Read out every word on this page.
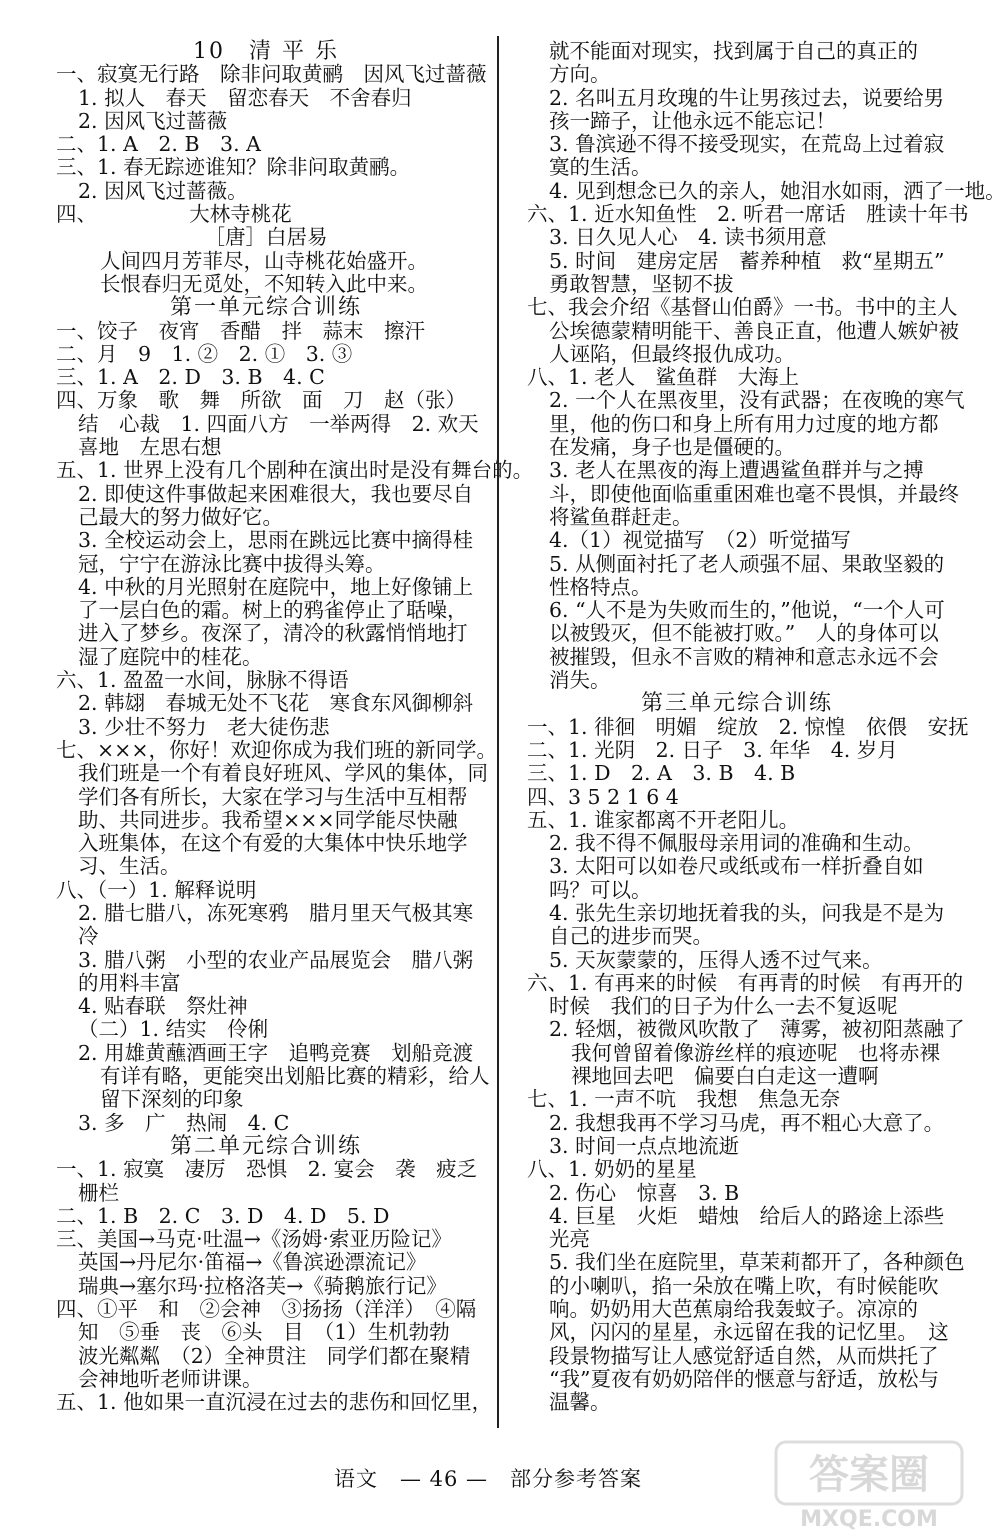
10　清 平 乐
一、寂寞无行路　除非问取黄鹂　因风飞过蔷薇
1. 拟人　春天　留恋春天　不舍春归
2. 因风飞过蔷薇
二、1. A　2. B　3. A
三、1. 春无踪迹谁知？除非问取黄鹂。
2. 因风飞过蔷薇。
四、　　　　　大林寺桃花
［唐］白居易
人间四月芳菲尽，山寺桃花始盛开。
长恨春归无觅处，不知转入此中来。
第一单元综合训练
一、饺子　夜宵　香醋　拌　蒜末　擦汗
二、月　9　1. ②　2. ①　3. ③
三、1. A　2. D　3. B　4. C
四、万象　歌　舞　所欲　面　刀　赵（张）
结　心裁　1. 四面八方　一举两得　2. 欢天
喜地　左思右想
五、1. 世界上没有几个剧种在演出时是没有舞台的。
2. 即使这件事做起来困难很大，我也要尽自
己最大的努力做好它。
3. 全校运动会上，思雨在跳远比赛中摘得桂
冠，宁宁在游泳比赛中拔得头筹。
4. 中秋的月光照射在庭院中，地上好像铺上
了一层白色的霜。树上的鸦雀停止了聒噪，
进入了梦乡。夜深了，清冷的秋露悄悄地打
湿了庭院中的桂花。
六、1. 盈盈一水间，脉脉不得语
2. 韩翃　春城无处不飞花　寒食东风御柳斜
3. 少壮不努力　老大徒伤悲
七、×××，你好！欢迎你成为我们班的新同学。
我们班是一个有着良好班风、学风的集体，同
学们各有所长，大家在学习与生活中互相帮
助、共同进步。我希望×××同学能尽快融
入班集体，在这个有爱的大集体中快乐地学
习、生活。
八、（一）1. 解释说明
2. 腊七腊八，冻死寒鸦　腊月里天气极其寒
冷
3. 腊八粥　小型的农业产品展览会　腊八粥
的用料丰富
4. 贴春联　祭灶神
（二）1. 结实　伶俐
2. 用雄黄蘸酒画王字　追鸭竞赛　划船竞渡
有详有略，更能突出划船比赛的精彩，给人
留下深刻的印象
3. 多　广　热闹　4. C
第二单元综合训练
一、1. 寂寞　凄厉　恐惧　2. 宴会　袭　疲乏
栅栏
二、1. B　2. C　3. D　4. D　5. D
三、美国→马克·吐温→《汤姆·索亚历险记》
英国→丹尼尔·笛福→《鲁滨逊漂流记》
瑞典→塞尔玛·拉格洛芙→《骑鹅旅行记》
四、①平　和　②会神　③扬扬（洋洋）　④隔
知　⑤垂　丧　⑥头　目　（1）生机勃勃
波光粼粼　（2）全神贯注　同学们都在聚精
会神地听老师讲课。
五、1. 他如果一直沉浸在过去的悲伤和回忆里，
就不能面对现实，找到属于自己的真正的
方向。
2. 名叫五月玫瑰的牛让男孩过去，说要给男
孩一蹄子，让他永远不能忘记！
3. 鲁滨逊不得不接受现实，在荒岛上过着寂
寞的生活。
4. 见到想念已久的亲人，她泪水如雨，洒了一地。
六、1. 近水知鱼性　2. 听君一席话　胜读十年书
3. 日久见人心　4. 读书须用意
5. 时间　建房定居　蓄养种植　救“星期五”
勇敢智慧，坚韧不拔
七、我会介绍《基督山伯爵》一书。书中的主人
公埃德蒙精明能干、善良正直，他遭人嫉妒被
人诬陷，但最终报仇成功。
八、1. 老人　鲨鱼群　大海上
2. 一个人在黑夜里，没有武器；在夜晚的寒气
里，他的伤口和身上所有用力过度的地方都
在发痛，身子也是僵硬的。
3. 老人在黑夜的海上遭遇鲨鱼群并与之搏
斗，即使他面临重重困难也毫不畏惧，并最终
将鲨鱼群赶走。
4.（1）视觉描写　（2）听觉描写
5. 从侧面衬托了老人顽强不屈、果敢坚毅的
性格特点。
6. “人不是为失败而生的，”他说，“一个人可
以被毁灭，但不能被打败。”　人的身体可以
被摧毁，但永不言败的精神和意志永远不会
消失。
第三单元综合训练
一、1. 徘徊　明媚　绽放　2. 惊惶　依偎　安抚
二、1. 光阴　2. 日子　3. 年华　4. 岁月
三、1. D　2. A　3. B　4. B
四、3 5 2 1 6 4
五、1. 谁家都离不开老阳儿。
2. 我不得不佩服母亲用词的准确和生动。
3. 太阳可以如卷尺或纸或布一样折叠自如
吗？可以。
4. 张先生亲切地抚着我的头，问我是不是为
自己的进步而哭。
5. 天灰蒙蒙的，压得人透不过气来。
六、1. 有再来的时候　有再青的时候　有再开的
时候　我们的日子为什么一去不复返呢
2. 轻烟，被微风吹散了　薄雾，被初阳蒸融了
我何曾留着像游丝样的痕迹呢　也将赤裸
裸地回去吧　偏要白白走这一遭啊
七、1. 一声不吭　我想　焦急无奈
2. 我想我再不学习马虎，再不粗心大意了。
3. 时间一点点地流逝
八、1. 奶奶的星星
2. 伤心　惊喜　3. B
4. 巨星　火炬　蜡烛　给后人的路途上添些
光亮
5. 我们坐在庭院里，草茉莉都开了，各种颜色
的小喇叭，掐一朵放在嘴上吹，有时候能吹
响。奶奶用大芭蕉扇给我轰蚊子。凉凉的
风，闪闪的星星，永远留在我的记忆里。　这
段景物描写让人感觉舒适自然，从而烘托了
“我”夏夜有奶奶陪伴的惬意与舒适，放松与
温馨。
语文　— 46 —　部分参考答案	答案圈
MXQE.COM
